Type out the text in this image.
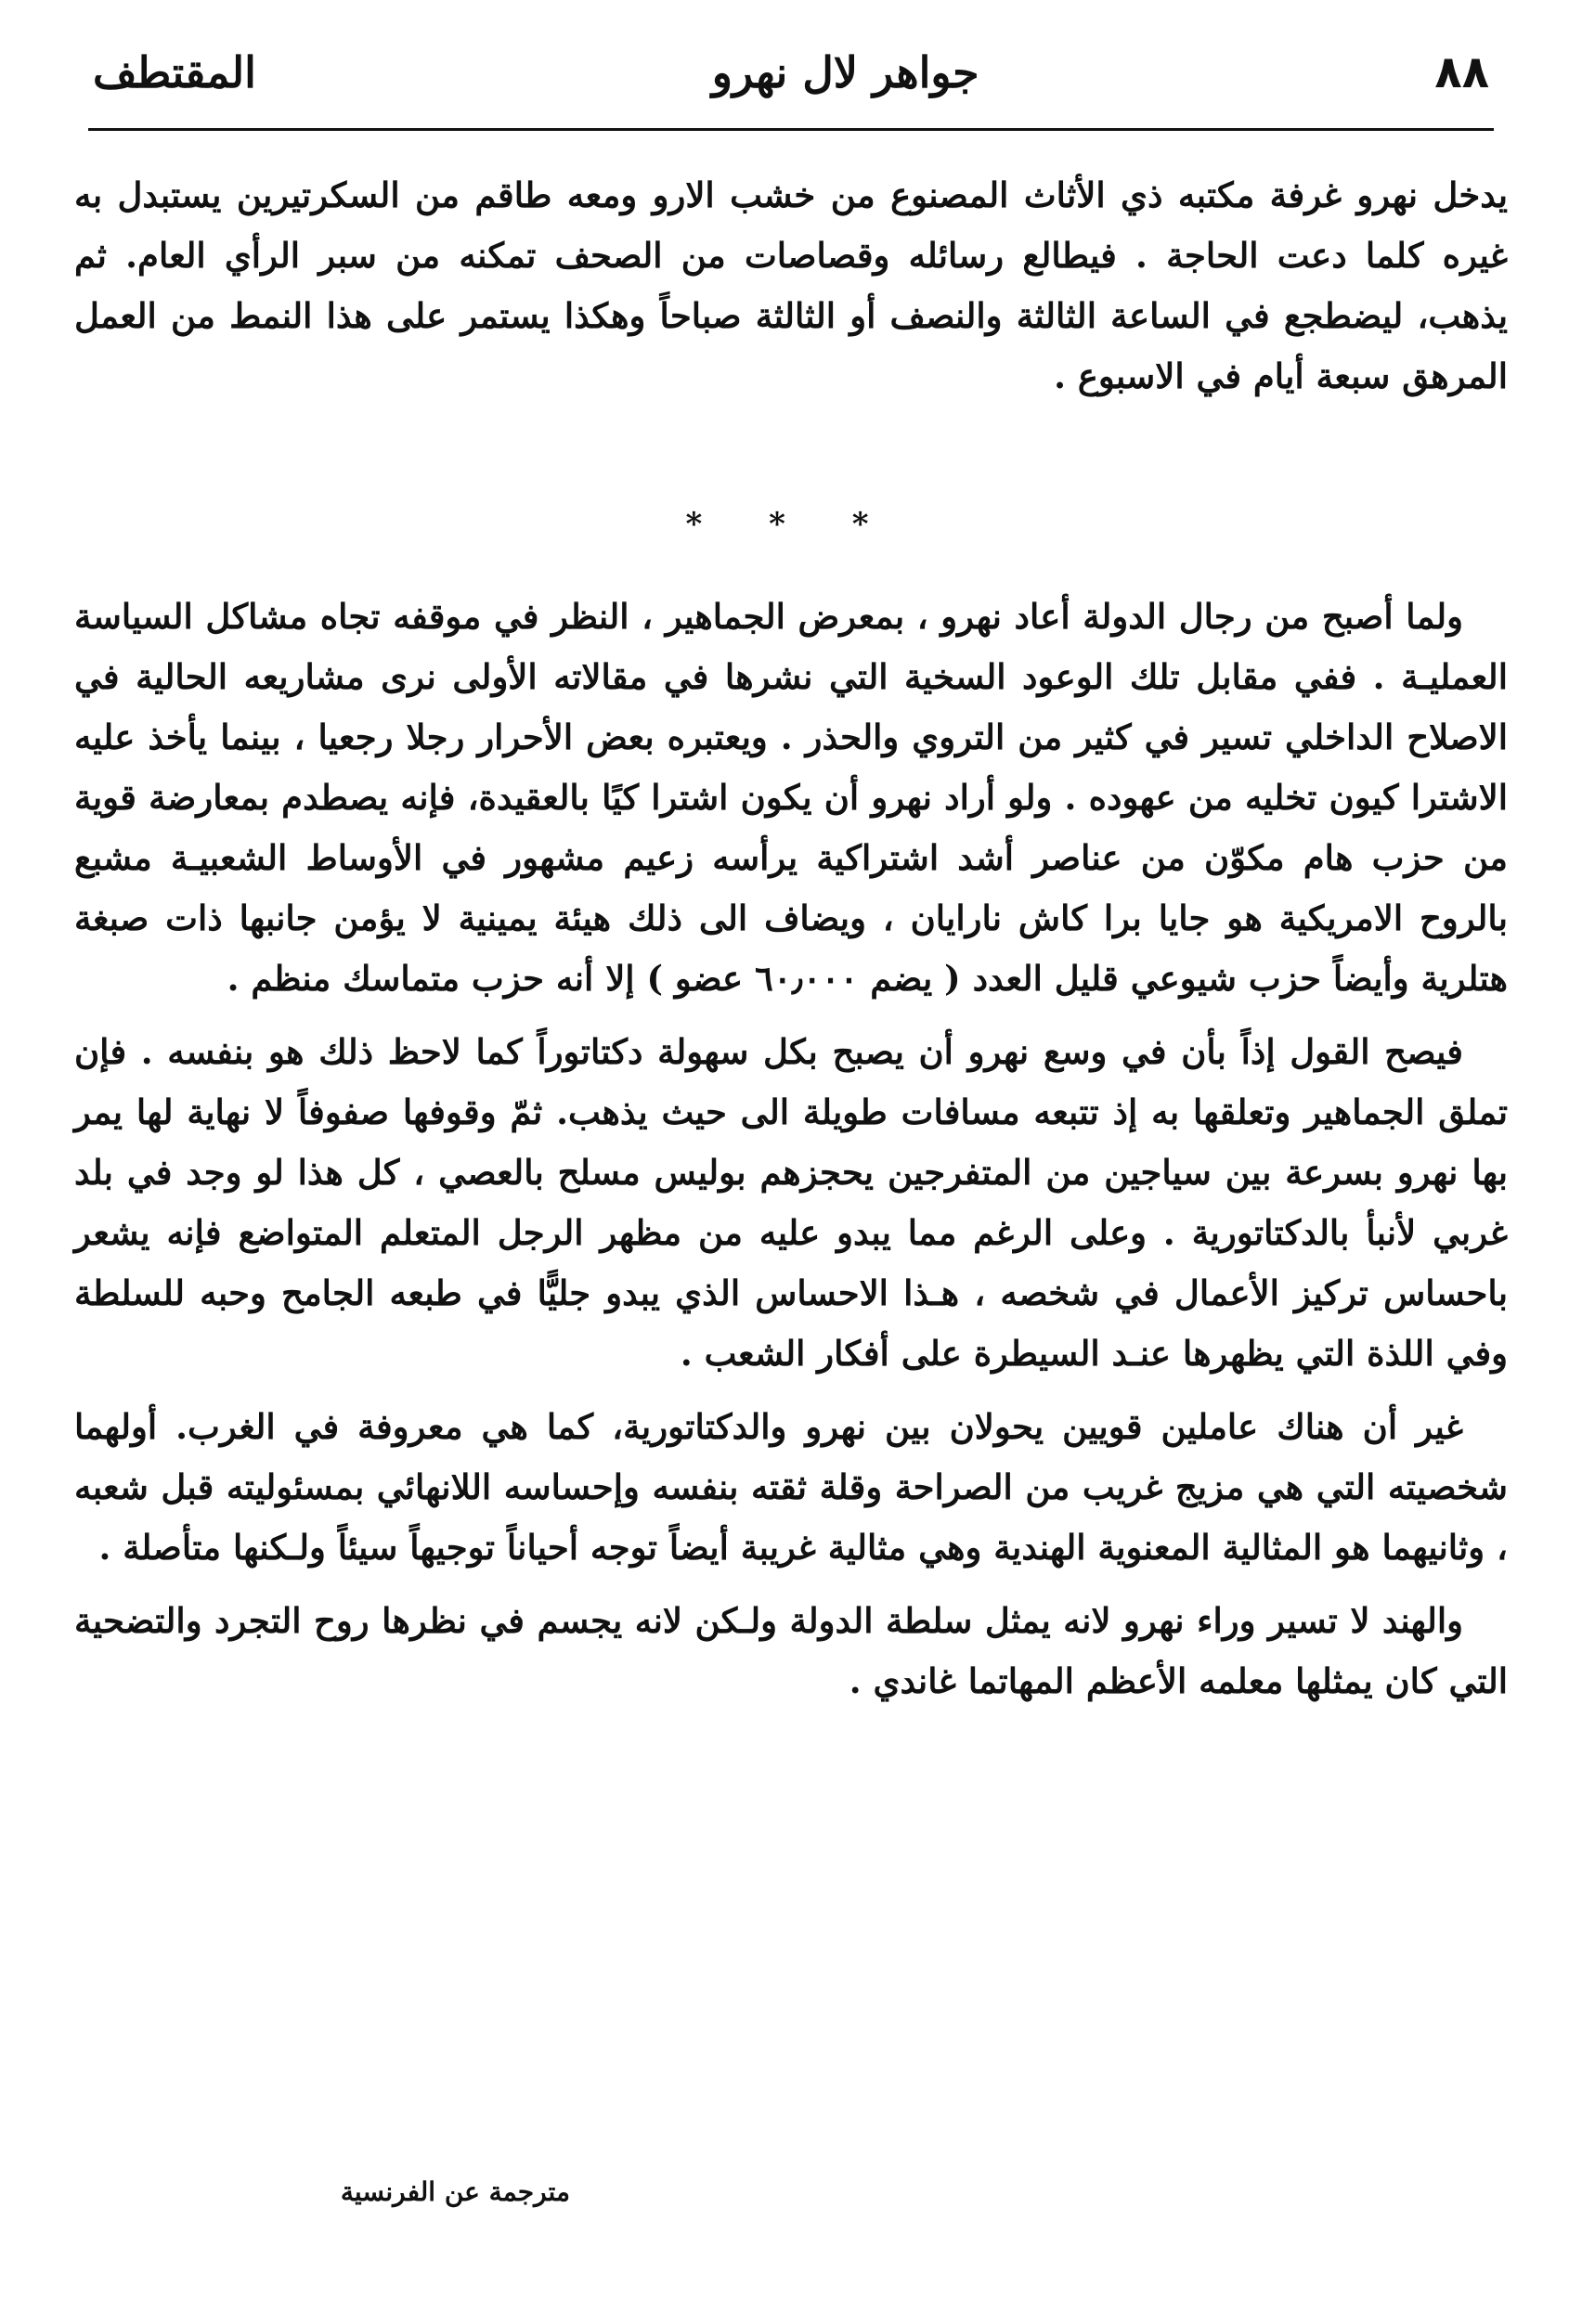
٨٨
جواهر لال نهرو
المقتطف

يدخل نهرو غرفة مكتبه ذي الأثاث المصنوع من خشب الارو ومعه طاقم من السكرتيرين يستبدل به غيره كلما دعت الحاجة . فيطالع رسائله وقصاصات من الصحف تمكنه من سبر الرأي العام. ثم يذهب، ليضطجع في الساعة الثالثة والنصف أو الثالثة صباحاً وهكذا يستمر على هذا النمط من العمل المرهق سبعة أيام في الاسبوع .

* * *

ولما أصبح من رجال الدولة أعاد نهرو ، بمعرض الجماهير ، النظر في موقفه تجاه مشاكل السياسة العمليـة . ففي مقابل تلك الوعود السخية التي نشرها في مقالاته الأولى نرى مشاريعه الحالية في الاصلاح الداخلي تسير في كثير من التروي والحذر . ويعتبره بعض الأحرار رجلا رجعيا ، بينما يأخذ عليه الاشترا كيون تخليه من عهوده . ولو أراد نهرو أن يكون اشترا كيًا بالعقيدة، فإنه يصطدم بمعارضة قوية من حزب هام مكوّن من عناصر أشد اشتراكية يرأسه زعيم مشهور في الأوساط الشعبيـة مشبع بالروح الامريكية هو جايا برا كاش نارايان ، ويضاف الى ذلك هيئة يمينية لا يؤمن جانبها ذات صبغة هتلرية وأيضاً حزب شيوعي قليل العدد ( يضم ٦٠٫٠٠٠ عضو ) إلا أنه حزب متماسك منظم .

فيصح القول إذاً بأن في وسع نهرو أن يصبح بكل سهولة دكتاتوراً كما لاحظ ذلك هو بنفسه . فإن تملق الجماهير وتعلقها به إذ تتبعه مسافات طويلة الى حيث يذهب. ثمّ وقوفها صفوفاً لا نهاية لها يمر بها نهرو بسرعة بين سياجين من المتفرجين يحجزهم بوليس مسلح بالعصي ، كل هذا لو وجد في بلد غربي لأنبأ بالدكتاتورية . وعلى الرغم مما يبدو عليه من مظهر الرجل المتعلم المتواضع فإنه يشعر باحساس تركيز الأعمال في شخصه ، هـذا الاحساس الذي يبدو جليًّا في طبعه الجامح وحبه للسلطة وفي اللذة التي يظهرها عنـد السيطرة على أفكار الشعب .

غير أن هناك عاملين قويين يحولان بين نهرو والدكتاتورية، كما هي معروفة في الغرب. أولهما شخصيته التي هي مزيج غريب من الصراحة وقلة ثقته بنفسه وإحساسه اللانهائي بمسئوليته قبل شعبه ، وثانيهما هو المثالية المعنوية الهندية وهي مثالية غريبة أيضاً توجه أحياناً توجيهاً سيئاً ولـكنها متأصلة .

والهند لا تسير وراء نهرو لانه يمثل سلطة الدولة ولـكن لانه يجسم في نظرها روح التجرد والتضحية التي كان يمثلها معلمه الأعظم المهاتما غاندي .

مترجمة عن الفرنسية
